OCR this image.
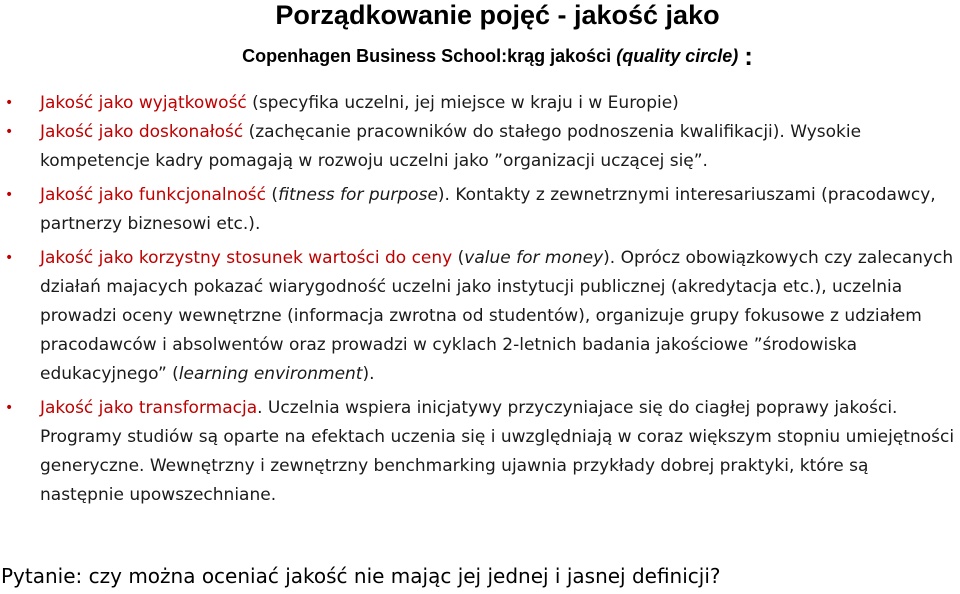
Porządkowanie pojęć - jakość jako
Copenhagen Business School:krąg jakości (quality circle) :
• Jakość jako wyjątkowość (specyfika uczelni, jej miejsce w kraju i w Europie)
• Jakość jako doskonałość (zachęcanie pracowników do stałego podnoszenia kwalifikacji). Wysokie kompetencje kadry pomagają w rozwoju uczelni jako ”organizacji uczącej się”.
• Jakość jako funkcjonalność (fitness for purpose). Kontakty z zewnetrznymi interesariuszami (pracodawcy, partnerzy biznesowi etc.).
• Jakość jako korzystny stosunek wartości do ceny (value for money). Oprócz obowiązkowych czy zalecanych działań majacych pokazać wiarygodność uczelni jako instytucji publicznej (akredytacja etc.), uczelnia prowadzi oceny wewnętrzne (informacja zwrotna od studentów), organizuje grupy fokusowe z udziałem pracodawców i absolwentów oraz prowadzi w cyklach 2-letnich badania jakościowe ”środowiska edukacyjnego” (learning environment).
• Jakość jako transformacja. Uczelnia wspiera inicjatywy przyczyniajace się do ciagłej poprawy jakości. Programy studiów są oparte na efektach uczenia się i uwzględniają w coraz większym stopniu umiejętności generyczne. Wewnętrzny i zewnętrzny benchmarking ujawnia przykłady dobrej praktyki, które są następnie upowszechniane.
Pytanie: czy można oceniać jakość nie mając jej jednej i jasnej definicji?
